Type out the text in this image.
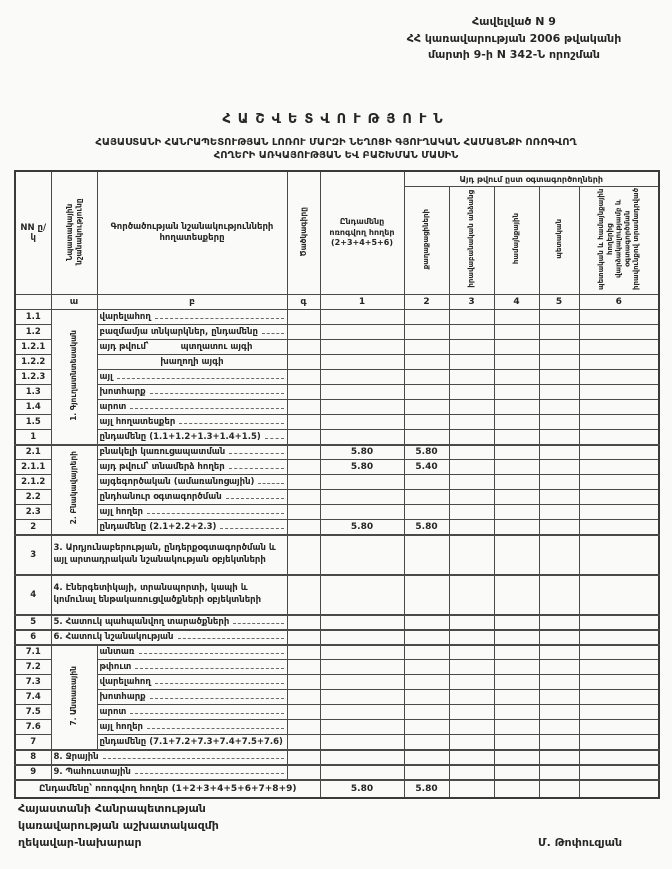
Հավելված N 9
ՀՀ կառավարության 2006 թվականի
մարտի 9-ի N 342-Ն որոշման
ՀԱՇՎԵՏՎՈՒԹՅՈՒՆ
ՀԱՅԱՍՏԱՆԻ ՀԱՆՐԱՊԵՏՈՒԹՅԱՆ ԼՈՌՈՒ ՄԱՐԶԻ ՆԵՂՈՑԻ ԳՅՈՒՂԱԿԱՆ ՀԱՄԱՅՆՔԻ ՈՌՈԳՎՈՂ
ՀՈՂԵՐԻ ԱՌԿԱՅՈՒԹՅԱՆ ԵՎ ԲԱՇԽՄԱՆ ՄԱՍԻՆ
NN ը/կ	Նպատակային նշանակությունը	Գործածության նշանակությունների հողատեսքերը	Ծածկագիրը	Ընդամենը ոռոգվող հողեր (2+3+4+5+6)	Այդ թվում ըստ օգտագործողների				
					քաղաքացիների	իրավաբանական անձանց	համայնքային	պետական	պետական և համայնքային հողերից վարձակալությամբ և օգտագործման իրավունքով տրամադրված
	ա	բ	գ	1	2	3	4	5	6
1.1	1. Գյուղատնտեսական	վարելահող							

1.2		բազմամյա տնկարկներ, ընդամենը							

1.2.1		այդ թվում՝ պտղատու այգի							

1.2.2		խաղողի այգի							
1.2.3		այլ							

1.3		խոտհարք							

1.4		արոտ							

1.5		այլ հողատեսքեր							

1		ընդամենը (1.1+1.2+1.3+1.4+1.5)							

2.1	2. Բնակավայրերի	բնակելի կառուցապատման		5.80	5.80				
2.1.1		այդ թվում՝ տնամերձ հողեր		5.80	5.40				
2.1.2		այգեգործական (ամառանոցային)							

2.2		ընդհանուր օգտագործման							

2.3		այլ հողեր							

2		ընդամենը (2.1+2.2+2.3)		5.80	5.80				
3	3. Արդյունաբերության, ընդերքօգտագործման և այլ արտադրական նշանակության օբյեկտների								
4	4. Էներգետիկայի, տրանսպորտի, կապի և կոմունալ ենթակառուցվածքների օբյեկտների								
5	5. Հատուկ պահպանվող տարածքների								

6	6. Հատուկ նշանակության								

7.1	7. Անտառային	անտառ							

7.2		թփուտ							

7.3		վարելահող							

7.4		խոտհարք							

7.5		արոտ							

7.6		այլ հողեր							

7		ընդամենը (7.1+7.2+7.3+7.4+7.5+7.6)							

8	8. Ջրային								

9	9. Պահուստային								

Ընդամենը՝ ոռոգվող հողեր (1+2+3+4+5+6+7+8+9)				5.80	5.80				
Հայաստանի Հանրապետության
կառավարության աշխատակազմի
ղեկավար-նախարար	Մ. Թոփուզյան
